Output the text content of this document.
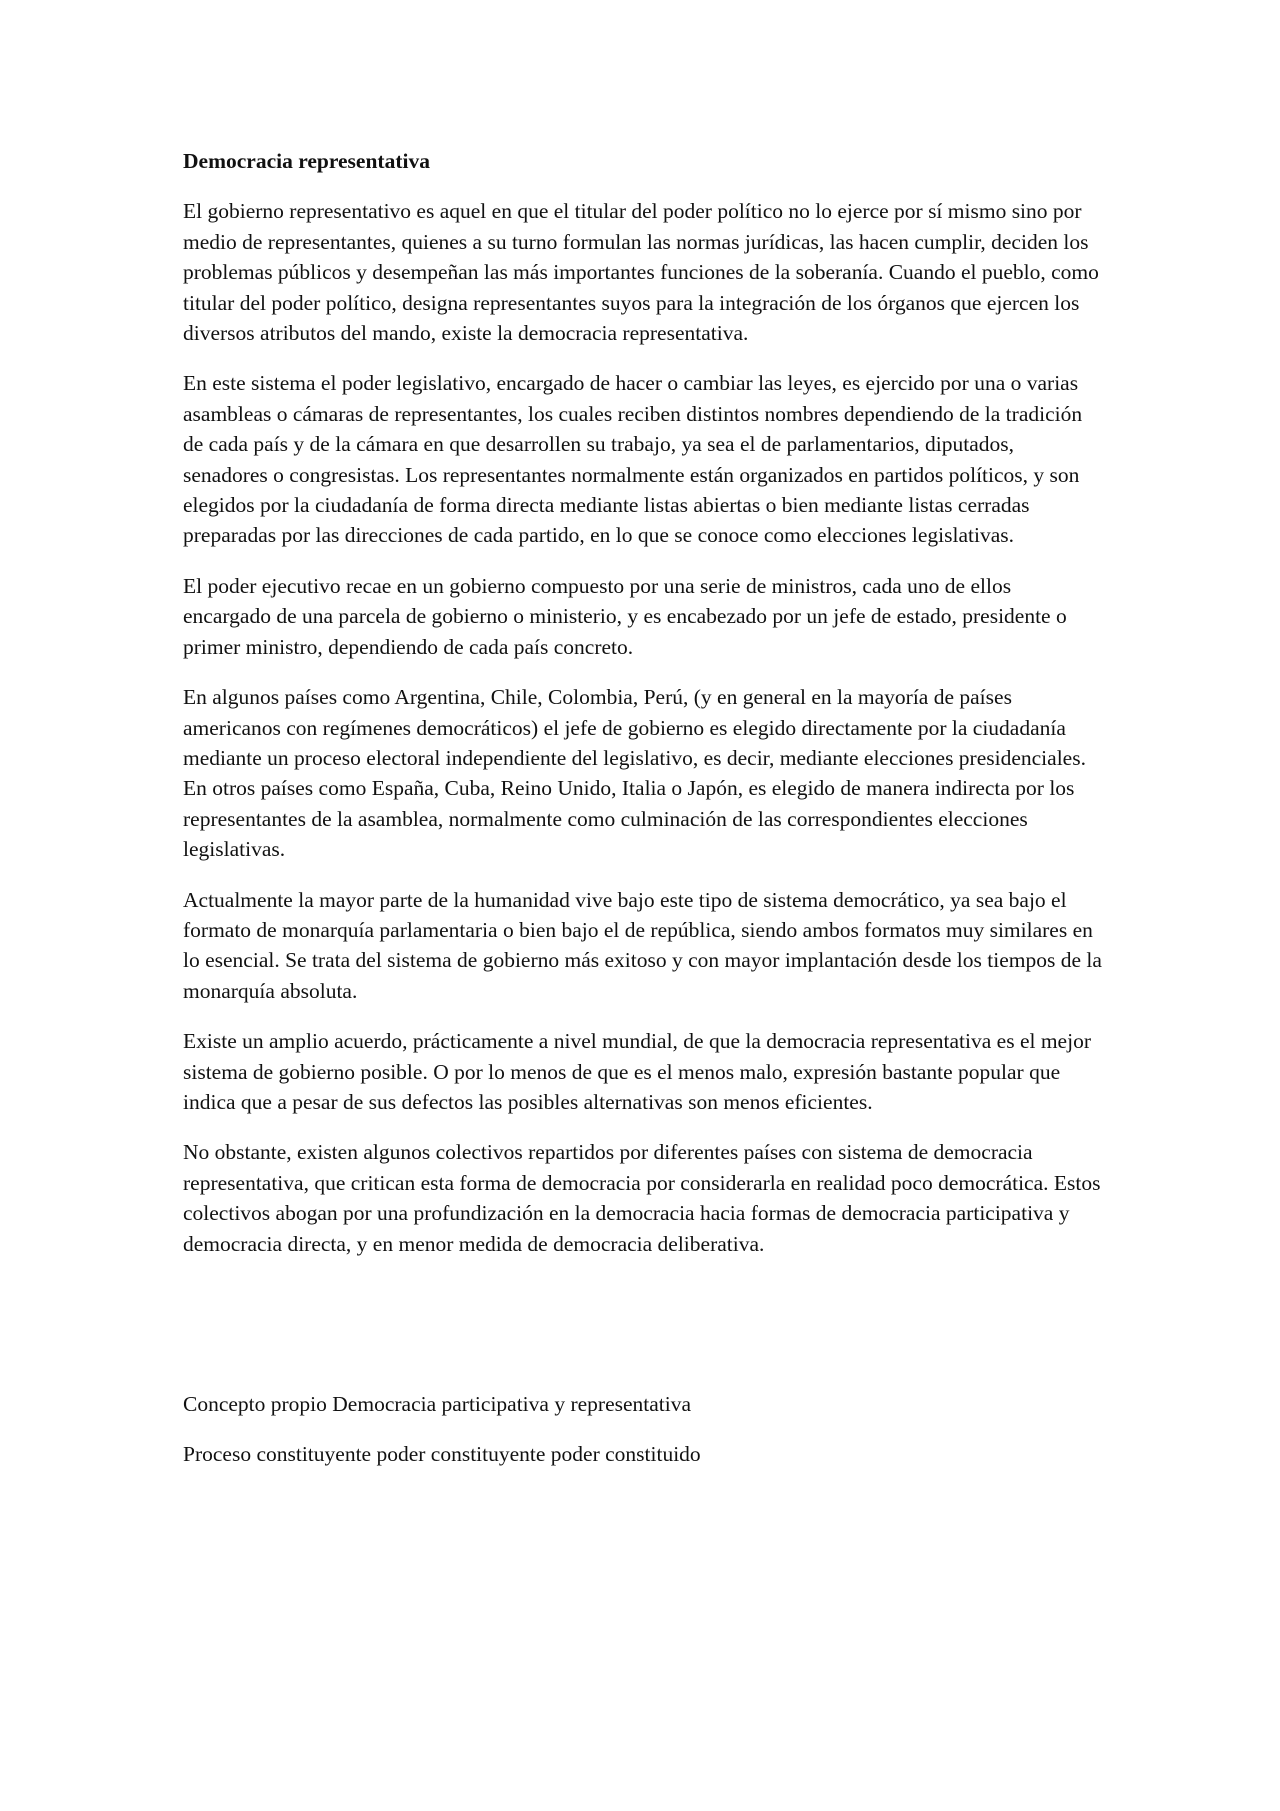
Democracia representativa

El gobierno representativo es aquel en que el titular del poder político no lo ejerce por sí mismo sino por medio de representantes, quienes a su turno formulan las normas jurídicas, las hacen cumplir, deciden los problemas públicos y desempeñan las más importantes funciones de la soberanía. Cuando el pueblo, como titular del poder político, designa representantes suyos para la integración de los órganos que ejercen los diversos atributos del mando, existe la democracia representativa.

En este sistema el poder legislativo, encargado de hacer o cambiar las leyes, es ejercido por una o varias asambleas o cámaras de representantes, los cuales reciben distintos nombres dependiendo de la tradición de cada país y de la cámara en que desarrollen su trabajo, ya sea el de parlamentarios, diputados, senadores o congresistas. Los representantes normalmente están organizados en partidos políticos, y son elegidos por la ciudadanía de forma directa mediante listas abiertas o bien mediante listas cerradas preparadas por las direcciones de cada partido, en lo que se conoce como elecciones legislativas.

El poder ejecutivo recae en un gobierno compuesto por una serie de ministros, cada uno de ellos encargado de una parcela de gobierno o ministerio, y es encabezado por un jefe de estado, presidente o primer ministro, dependiendo de cada país concreto.

En algunos países como Argentina, Chile, Colombia, Perú, (y en general en la mayoría de países americanos con regímenes democráticos) el jefe de gobierno es elegido directamente por la ciudadanía mediante un proceso electoral independiente del legislativo, es decir, mediante elecciones presidenciales. En otros países como España, Cuba, Reino Unido, Italia o Japón, es elegido de manera indirecta por los representantes de la asamblea, normalmente como culminación de las correspondientes elecciones legislativas.

Actualmente la mayor parte de la humanidad vive bajo este tipo de sistema democrático, ya sea bajo el formato de monarquía parlamentaria o bien bajo el de república, siendo ambos formatos muy similares en lo esencial. Se trata del sistema de gobierno más exitoso y con mayor implantación desde los tiempos de la monarquía absoluta.

Existe un amplio acuerdo, prácticamente a nivel mundial, de que la democracia representativa es el mejor sistema de gobierno posible. O por lo menos de que es el menos malo, expresión bastante popular que indica que a pesar de sus defectos las posibles alternativas son menos eficientes.

No obstante, existen algunos colectivos repartidos por diferentes países con sistema de democracia representativa, que critican esta forma de democracia por considerarla en realidad poco democrática. Estos colectivos abogan por una profundización en la democracia hacia formas de democracia participativa y democracia directa, y en menor medida de democracia deliberativa.

Concepto propio Democracia participativa y representativa

Proceso constituyente poder constituyente poder constituido
